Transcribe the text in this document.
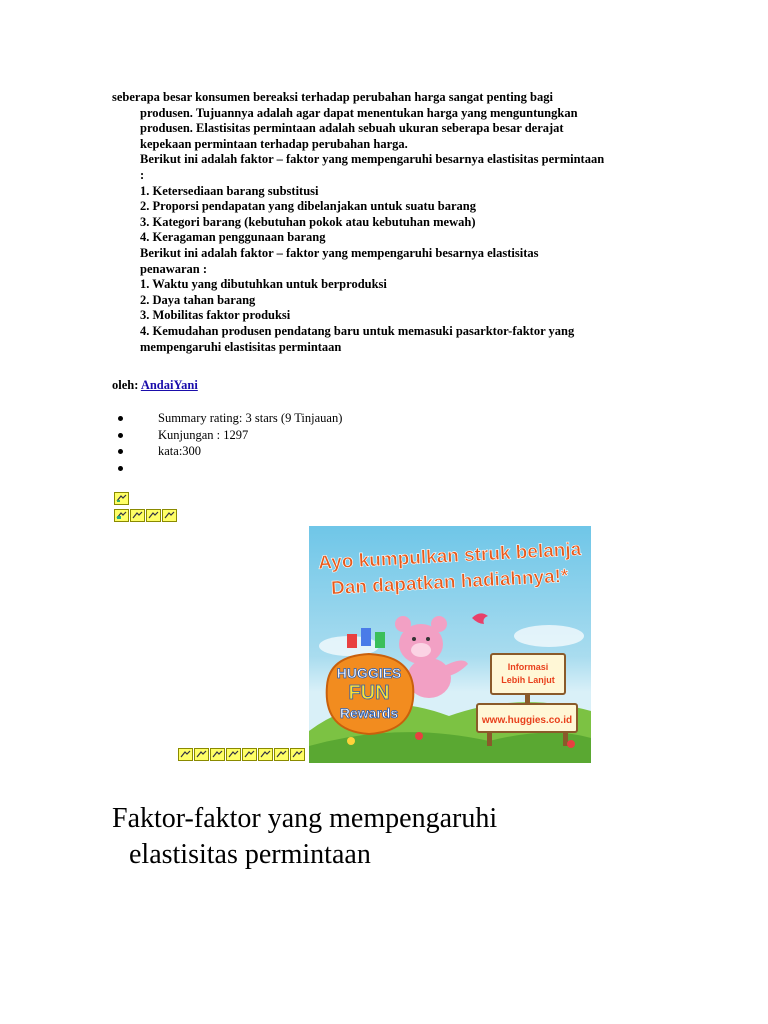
seberapa besar konsumen bereaksi terhadap perubahan harga sangat penting bagi

produsen. Tujuannya adalah agar dapat menentukan harga yang menguntungkan

produsen. Elastisitas permintaan adalah sebuah ukuran seberapa besar derajat

kepekaan permintaan terhadap perubahan harga.

Berikut ini adalah faktor – faktor yang mempengaruhi besarnya elastisitas permintaan

:

1. Ketersediaan barang substitusi

2. Proporsi pendapatan yang dibelanjakan untuk suatu barang

3. Kategori barang (kebutuhan pokok atau kebutuhan mewah)

4. Keragaman penggunaan barang

Berikut ini adalah faktor – faktor yang mempengaruhi besarnya elastisitas

penawaran :

1. Waktu yang dibutuhkan untuk berproduksi

2. Daya tahan barang

3. Mobilitas faktor produksi

4. Kemudahan produsen pendatang baru untuk memasuki pasarktor-faktor yang

mempengaruhi elastisitas permintaan

oleh: AndaiYani
Summary rating: 3 stars (9 Tinjauan)
Kunjungan : 1297
kata:300
Ayo kumpulkan struk belanja
Dan dapatkan hadiahnya!*
HUGGIES
FUN
Rewards
Informasi
Lebih Lanjut
www.huggies.co.id
Faktor-faktor yang mempengaruhi
elastisitas permintaan
